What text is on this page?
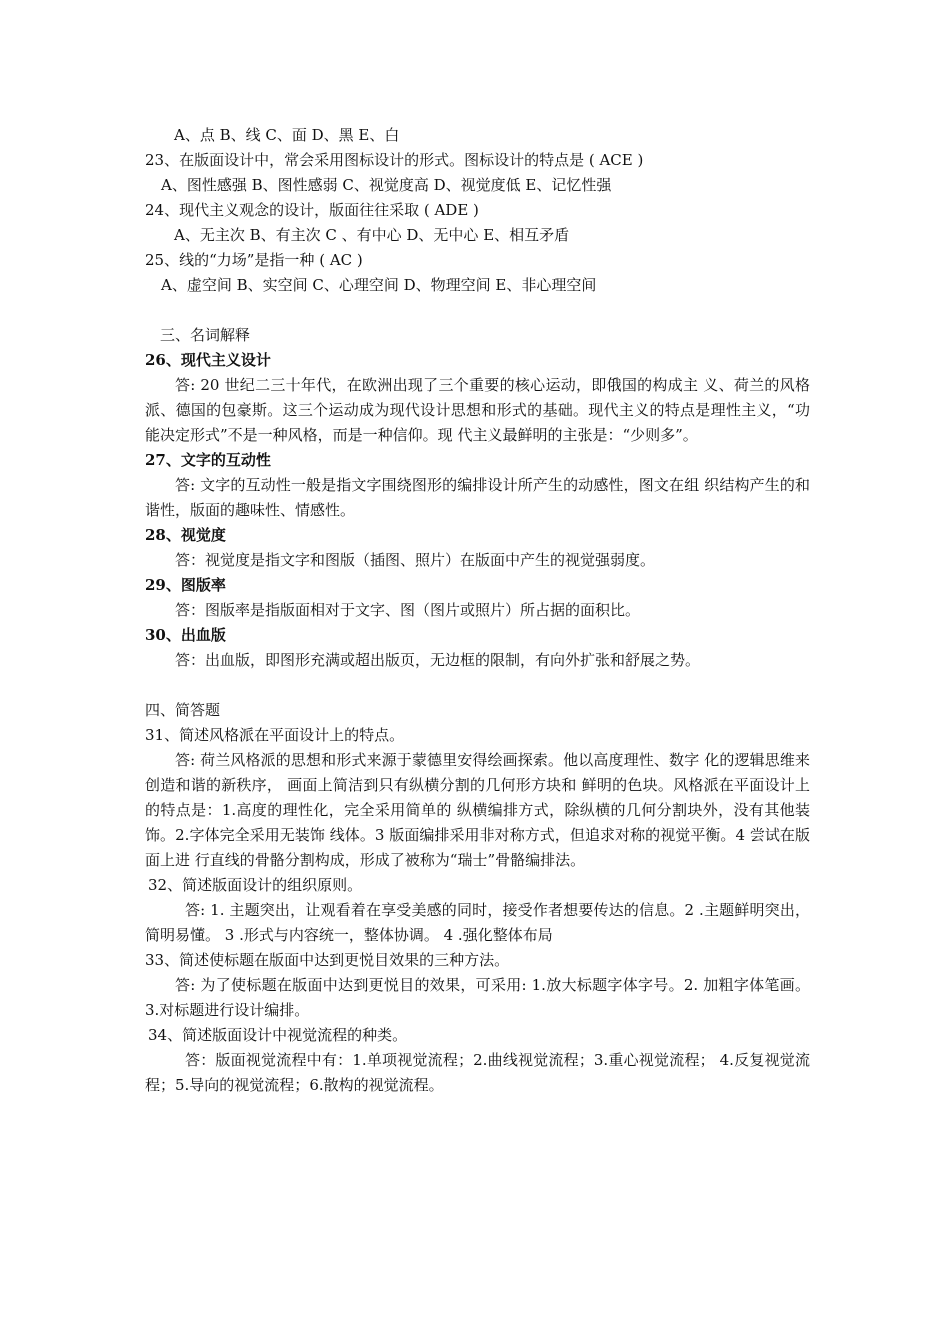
A、点 B、线 C、面 D、黑 E、白
23、在版面设计中，常会采用图标设计的形式。图标设计的特点是 ( ACE )
A、图性感强 B、图性感弱 C、视觉度高 D、视觉度低 E、记忆性强
24、现代主义观念的设计，版面往往采取 ( ADE )
A、无主次 B、有主次 C 、有中心 D、无中心 E、相互矛盾
25、线的“力场”是指一种 ( AC )
A、虚空间 B、实空间 C、心理空间 D、物理空间 E、非心理空间
三、名词解释
26、现代主义设计
答: 20 世纪二三十年代，在欧洲出现了三个重要的核心运动，即俄国的构成主 义、荷兰的风格派、德国的包豪斯。这三个运动成为现代设计思想和形式的基础。现代主义的特点是理性主义，“功能决定形式”不是一种风格，而是一种信仰。现 代主义最鲜明的主张是：“少则多”。
27、文字的互动性
答: 文字的互动性一般是指文字围绕图形的编排设计所产生的动感性，图文在组 织结构产生的和谐性，版面的趣味性、情感性。
28、视觉度
答：视觉度是指文字和图版（插图、照片）在版面中产生的视觉强弱度。
29、图版率
答：图版率是指版面相对于文字、图（图片或照片）所占据的面积比。
30、出血版
答：出血版，即图形充满或超出版页，无边框的限制，有向外扩张和舒展之势。
四、简答题
31、简述风格派在平面设计上的特点。
答: 荷兰风格派的思想和形式来源于蒙德里安得绘画探索。他以高度理性、数字 化的逻辑思维来创造和谐的新秩序， 画面上简洁到只有纵横分割的几何形方块和 鲜明的色块。风格派在平面设计上的特点是：1.高度的理性化，完全采用简单的 纵横编排方式，除纵横的几何分割块外，没有其他装饰。2.字体完全采用无装饰 线体。3 版面编排采用非对称方式，但追求对称的视觉平衡。4 尝试在版面上进 行直线的骨骼分割构成，形成了被称为“瑞士”骨骼编排法。
32、简述版面设计的组织原则。
答: 1. 主题突出，让观看着在享受美感的同时，接受作者想要传达的信息。2 .主题鲜明突出，简明易懂。 3 .形式与内容统一，整体协调。 4 .强化整体布局
33、简述使标题在版面中达到更悦目效果的三种方法。
答: 为了使标题在版面中达到更悦目的效果，可采用: 1.放大标题字体字号。2. 加粗字体笔画。3.对标题进行设计编排。
34、简述版面设计中视觉流程的种类。
答：版面视觉流程中有：1.单项视觉流程；2.曲线视觉流程；3.重心视觉流程； 4.反复视觉流程；5.导向的视觉流程；6.散构的视觉流程。
